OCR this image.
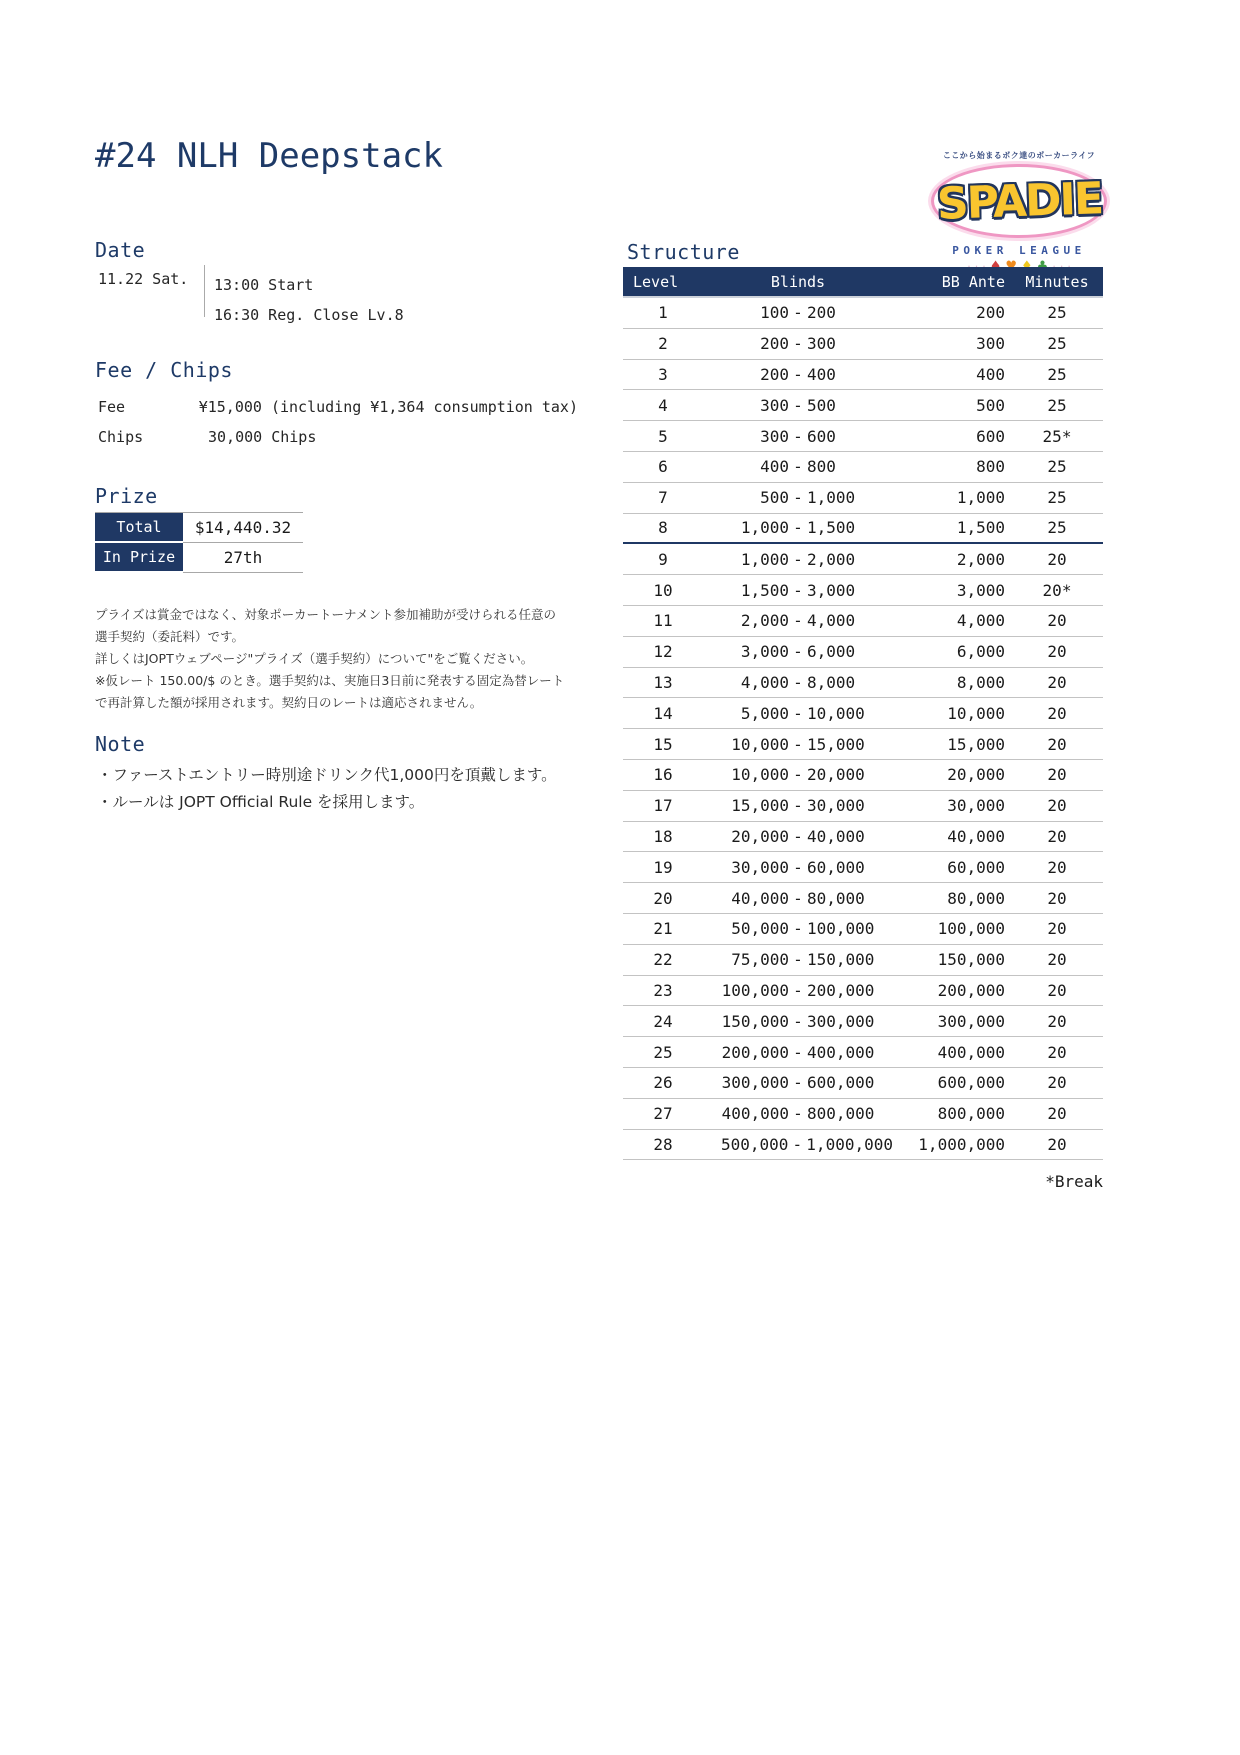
#24 NLH Deepstack	ここから始まるボク達のポーカーライフ
SPADIE
POKER LEAGUE
Date
11.22 Sat. 13:00 Start
16:30 Reg. Close Lv.8
Fee / Chips
Fee	¥15,000 (including ¥1,364 consumption tax)
Chips	30,000 Chips
Prize
Total	$14,440.32
In Prize	27th
プライズは賞金ではなく、対象ポーカートーナメント参加補助が受けられる任意の
選手契約（委託料）です。
詳しくはJOPTウェブページ"プライズ（選手契約）について"をご覧ください。
※仮レート 150.00/$ のとき。選手契約は、実施日3日前に発表する固定為替レート
で再計算した額が採用されます。契約日のレートは適応されません。
Note
・ファーストエントリー時別途ドリンク代1,000円を頂戴します。
・ルールは JOPT Official Rule を採用します。
Structure
Level	Blinds	BB Ante	Minutes
1	100 - 200	200	25
2	200 - 300	300	25
3	200 - 400	400	25
4	300 - 500	500	25
5	300 - 600	600	25*
6	400 - 800	800	25
7	500 - 1,000	1,000	25
8	1,000 - 1,500	1,500	25
9	1,000 - 2,000	2,000	20
10	1,500 - 3,000	3,000	20*
11	2,000 - 4,000	4,000	20
12	3,000 - 6,000	6,000	20
13	4,000 - 8,000	8,000	20
14	5,000 - 10,000	10,000	20
15	10,000 - 15,000	15,000	20
16	10,000 - 20,000	20,000	20
17	15,000 - 30,000	30,000	20
18	20,000 - 40,000	40,000	20
19	30,000 - 60,000	60,000	20
20	40,000 - 80,000	80,000	20
21	50,000 - 100,000	100,000	20
22	75,000 - 150,000	150,000	20
23	100,000 - 200,000	200,000	20
24	150,000 - 300,000	300,000	20
25	200,000 - 400,000	400,000	20
26	300,000 - 600,000	600,000	20
27	400,000 - 800,000	800,000	20
28	500,000 - 1,000,000	1,000,000	20
*Break
